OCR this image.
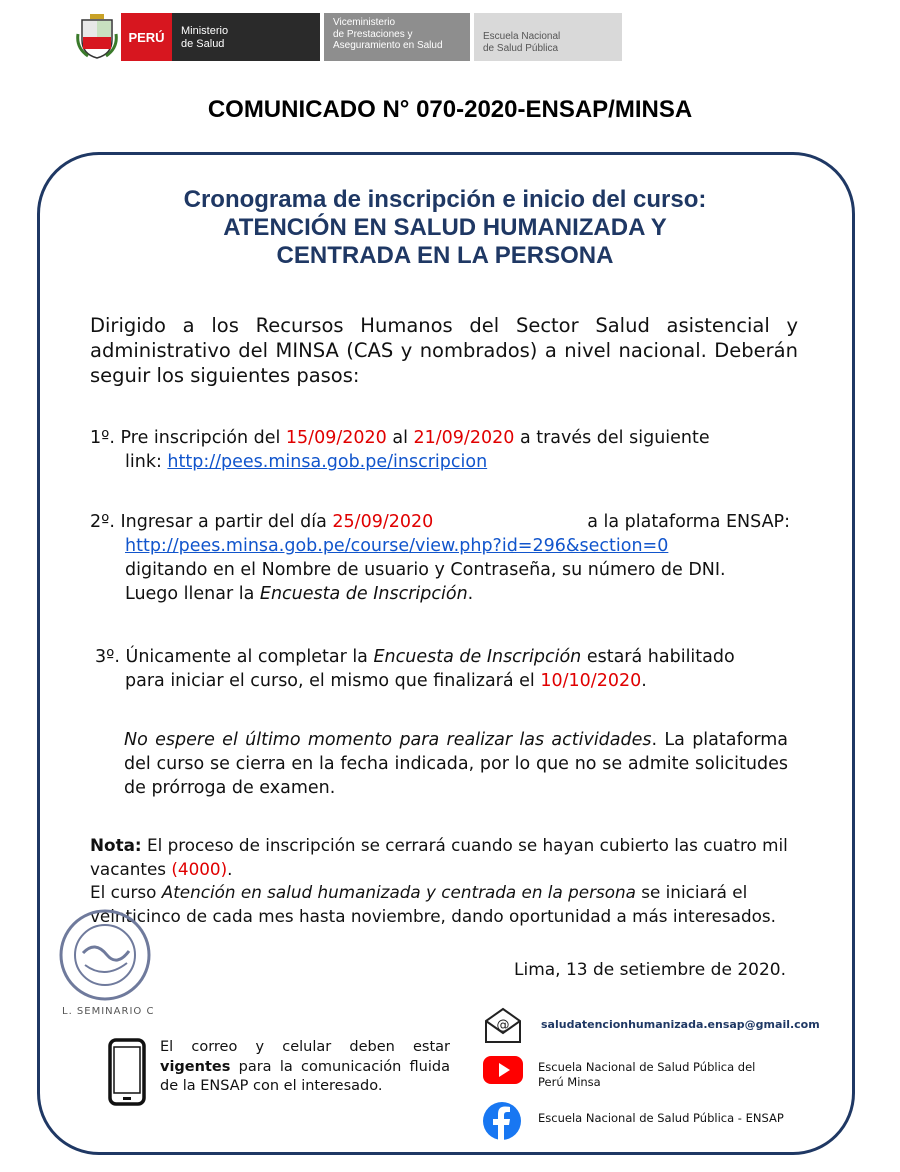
PERÚ Ministerio
de Salud
Viceministerio
de Prestaciones y
Aseguramiento en Salud
Escuela Nacional
de Salud Pública
COMUNICADO N° 070-2020-ENSAP/MINSA
Cronograma de inscripción e inicio del curso:
ATENCIÓN EN SALUD HUMANIZADA Y
CENTRADA EN LA PERSONA
Dirigido a los Recursos Humanos del Sector Salud asistencial y administrativo del MINSA (CAS y nombrados) a nivel nacional. Deberán seguir los siguientes pasos:
1º. Pre inscripción del 15/09/2020 al 21/09/2020 a través del siguiente
link: http://pees.minsa.gob.pe/inscripcion
2º. Ingresar a partir del día 25/09/2020	a la plataforma ENSAP:
http://pees.minsa.gob.pe/course/view.php?id=296&section=0
digitando en el Nombre de usuario y Contraseña, su número de DNI.
Luego llenar la Encuesta de Inscripción.
3º. Únicamente al completar la Encuesta de Inscripción estará habilitado
para iniciar el curso, el mismo que finalizará el 10/10/2020.
No espere el último momento para realizar las actividades. La plataforma del curso se cierra en la fecha indicada, por lo que no se admite solicitudes de prórroga de examen.
Nota: El proceso de inscripción se cerrará cuando se hayan cubierto las cuatro mil vacantes (4000).
El curso Atención en salud humanizada y centrada en la persona se iniciará el veinticinco de cada mes hasta noviembre, dando oportunidad a más interesados.
Lima, 13 de setiembre de 2020.
L. SEMINARIO C
El correo y celular deben estar vigentes para la comunicación fluida de la ENSAP con el interesado.
@	saludatencionhumanizada.ensap@gmail.com
Escuela Nacional de Salud Pública del Perú Minsa
Escuela Nacional de Salud Pública - ENSAP
